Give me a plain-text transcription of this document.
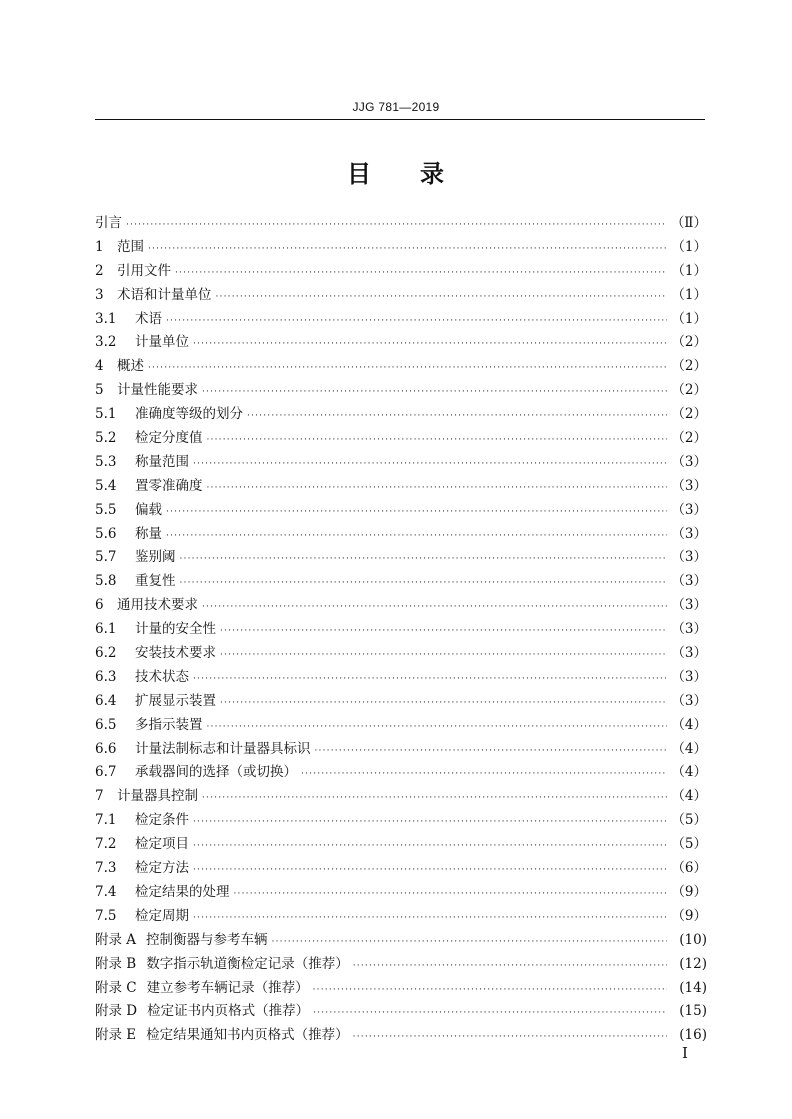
JJG 781—2019
目 录
引言 ·····	（Ⅱ）
1 范围 ·····	（1）
2 引用文件 ·····	（1）
3 术语和计量单位 ·····	（1）
3.1	术语 ·····	（1）
3.2	计量单位 ·····	（2）
4 概述 ·····	（2）
5 计量性能要求 ·····	（2）
5.1	准确度等级的划分 ·····	（2）
5.2	检定分度值 ·····	（2）
5.3	称量范围 ·····	（3）
5.4	置零准确度 ·····	（3）
5.5	偏载 ·····	（3）
5.6	称量 ·····	（3）
5.7	鉴别阈 ·····	（3）
5.8	重复性 ·····	（3）
6 通用技术要求 ·····	（3）
6.1	计量的安全性 ·····	（3）
6.2	安装技术要求 ·····	（3）
6.3	技术状态 ·····	（3）
6.4	扩展显示装置 ·····	（3）
6.5	多指示装置 ·····	（4）
6.6	计量法制标志和计量器具标识 ·····	（4）
6.7	承载器间的选择（或切换） ·····	（4）
7 计量器具控制 ·····	（4）
7.1	检定条件 ·····	（5）
7.2	检定项目 ·····	（5）
7.3	检定方法 ·····	（6）
7.4	检定结果的处理 ·····	（9）
7.5	检定周期 ·····	（9）
附录 A 控制衡器与参考车辆 ·····	(10)
附录 B 数字指示轨道衡检定记录（推荐） ·····	(12)
附录 C 建立参考车辆记录（推荐） ·····	(14)
附录 D 检定证书内页格式（推荐） ·····	(15)
附录 E 检定结果通知书内页格式（推荐） ·····	(16)
I
